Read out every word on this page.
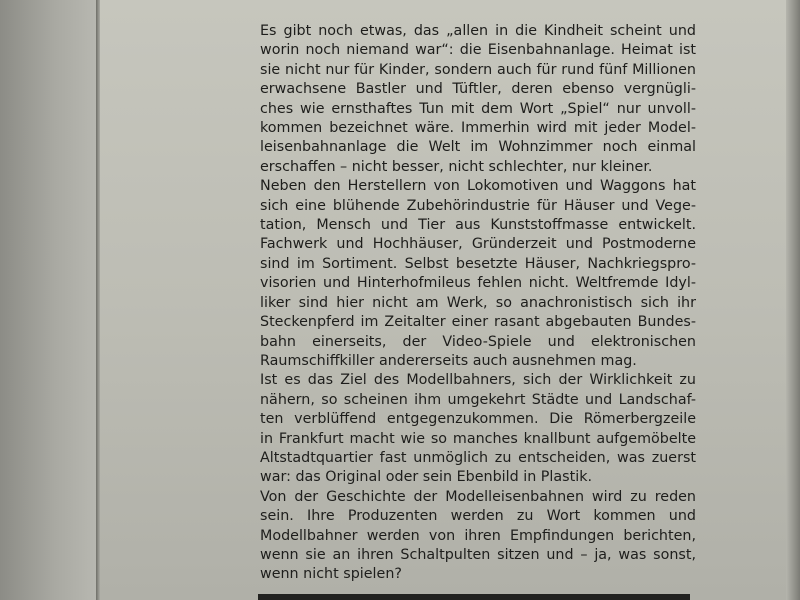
Es gibt noch etwas, das „allen in die Kindheit scheint und
worin noch niemand war“: die Eisenbahnanlage. Heimat ist
sie nicht nur für Kinder, sondern auch für rund fünf Millionen
erwachsene Bastler und Tüftler, deren ebenso vergnügli-
ches wie ernsthaftes Tun mit dem Wort „Spiel“ nur unvoll-
kommen bezeichnet wäre. Immerhin wird mit jeder Model-
leisenbahnanlage die Welt im Wohnzimmer noch einmal
erschaffen – nicht besser, nicht schlechter, nur kleiner.
Neben den Herstellern von Lokomotiven und Waggons hat
sich eine blühende Zubehörindustrie für Häuser und Vege-
tation, Mensch und Tier aus Kunststoffmasse entwickelt.
Fachwerk und Hochhäuser, Gründerzeit und Postmoderne
sind im Sortiment. Selbst besetzte Häuser, Nachkriegspro-
visorien und Hinterhofmileus fehlen nicht. Weltfremde Idyl-
liker sind hier nicht am Werk, so anachronistisch sich ihr
Steckenpferd im Zeitalter einer rasant abgebauten Bundes-
bahn einerseits, der Video-Spiele und elektronischen
Raumschiffkiller andererseits auch ausnehmen mag.
Ist es das Ziel des Modellbahners, sich der Wirklichkeit zu
nähern, so scheinen ihm umgekehrt Städte und Landschaf-
ten verblüffend entgegenzukommen. Die Römerbergzeile
in Frankfurt macht wie so manches knallbunt aufgemöbelte
Altstadtquartier fast unmöglich zu entscheiden, was zuerst
war: das Original oder sein Ebenbild in Plastik.
Von der Geschichte der Modelleisenbahnen wird zu reden
sein. Ihre Produzenten werden zu Wort kommen und
Modellbahner werden von ihren Empfindungen berichten,
wenn sie an ihren Schaltpulten sitzen und – ja, was sonst,
wenn nicht spielen?
